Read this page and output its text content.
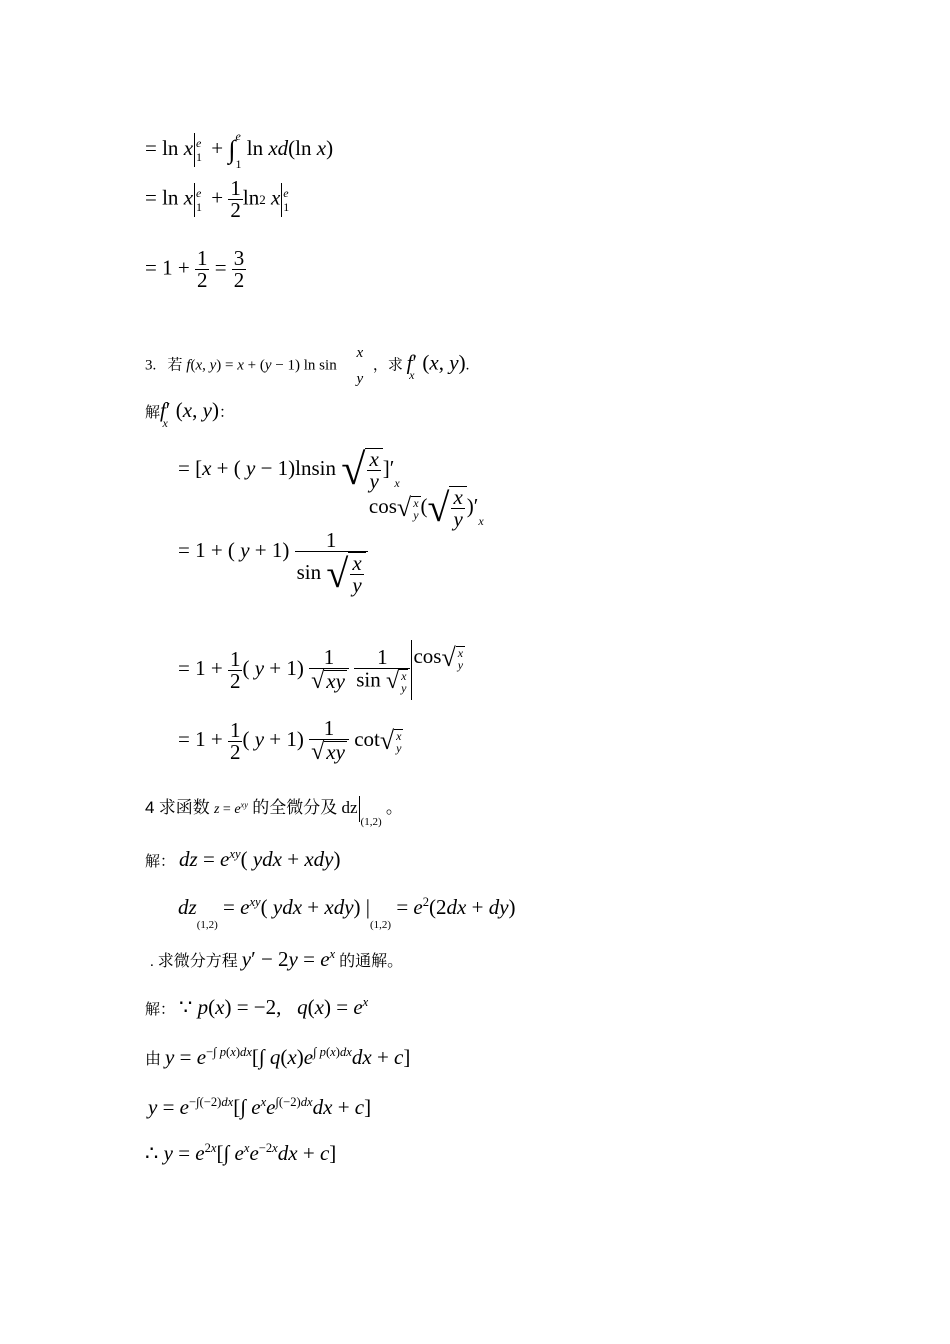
= ln x e
1 + ∫e
1 ln xd(ln x)
= ln x e
$1 + \frac{1}{2} \ln 2$ x e
1
= $1 + \frac{1}{2} = \frac{3}{2}$
3. 若 f(x, y) = x + (y − 1) ln sin x
y ，求 $f'_x(x$, y).
解$f'_x(x$, y)：
= [x + ( y − 1)lnsin √ $\frac{x}{y} ]'_x$
= 1 + ( $y + 1) \frac{1}{\sin √ \frac{x}{y}}$
cos√ x
$y(√ \frac{x}{y} )'_x$
= $1 + \frac{1}{2}$ ( $y + 1) \frac{1}{√xy}$
	1
sin √ x
y
cos√ x
y
= $1 + \frac{1}{2}$ ( $y + 1) \frac{1}{√xy} \cot√$ x
y
4 求函数 $z = e^{xy}$ 的全微分及 $dz_{(1,2)}$ 。
解： dz = $e^{xy}$( ydx + xdy)
$dz_{(1,2)} = e^{xy}$( ydx + xdy) $|_{(1,2)} = e^2(2dx + dy)$
. 求微分方程 $y' - 2y = e^x$ 的通解。
解： ∵ p(x) = −2,   $q(x) = e^x$
由 $y = e^{-\int p(x)dx}[\int$ $q(x)e^{\int p(x)dx}dx + c$]
$y = e^{-\int(-2)dx}[\int$ $e^xe^{\int(-2)dx}dx + c$]
∴ $y = e^{2x}[\int$ $e^xe^{-2x}dx + c$]
